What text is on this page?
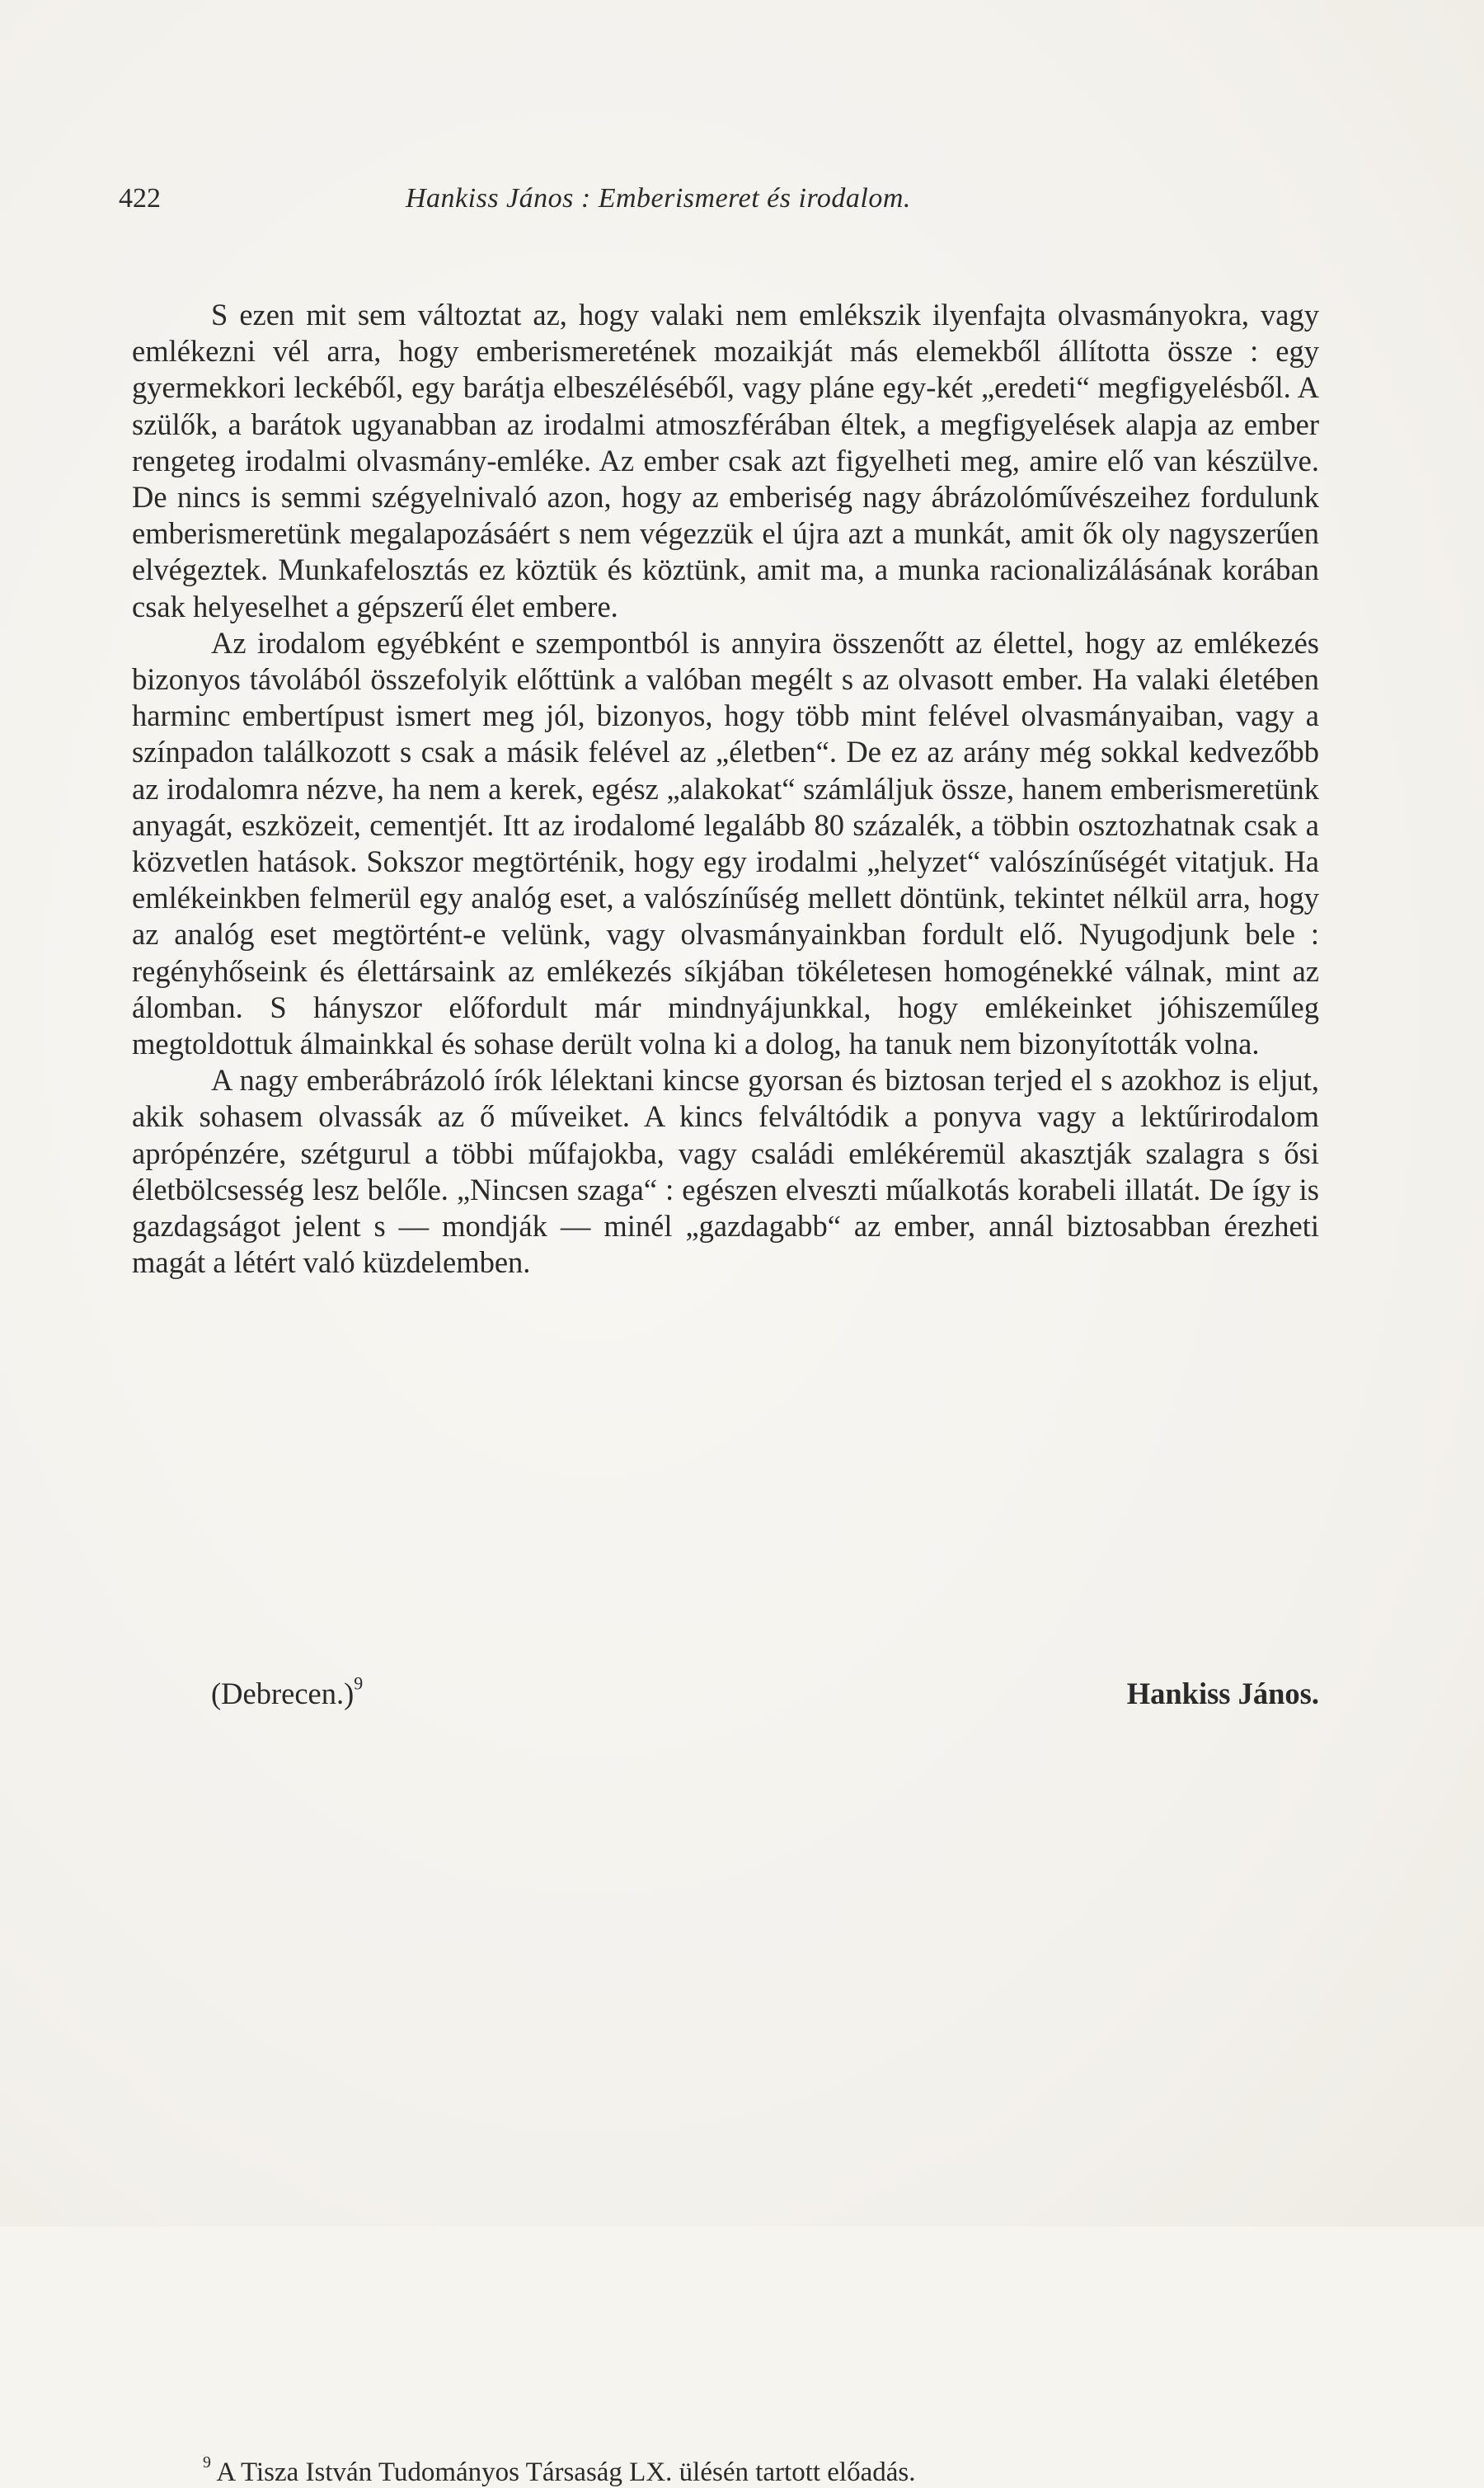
422	Hankiss János : Emberismeret és irodalom.

S ezen mit sem változtat az, hogy valaki nem emlékszik ilyenfajta olvasmányokra, vagy emlékezni vél arra, hogy emberismeretének mozaikját más elemekből állította össze : egy gyermekkori leckéből, egy barátja elbeszéléséből, vagy pláne egy-két „eredeti“ megfigyelésből. A szülők, a barátok ugyanabban az irodalmi atmoszférában éltek, a megfigyelések alapja az ember rengeteg irodalmi olvasmány-emléke. Az ember csak azt figyelheti meg, amire elő van készülve. De nincs is semmi szégyelnivaló azon, hogy az emberiség nagy ábrázolóművészeihez fordulunk emberismeretünk megalapozásáért s nem végezzük el újra azt a munkát, amit ők oly nagyszerűen elvégeztek. Munkafelosztás ez köztük és köztünk, amit ma, a munka racionalizálásának korában csak helyeselhet a gépszerű élet embere.

Az irodalom egyébként e szempontból is annyira összenőtt az élettel, hogy az emlékezés bizonyos távolából összefolyik előttünk a valóban megélt s az olvasott ember. Ha valaki életében harminc embertípust ismert meg jól, bizonyos, hogy több mint felével olvasmányaiban, vagy a színpadon találkozott s csak a másik felével az „életben“. De ez az arány még sokkal kedvezőbb az irodalomra nézve, ha nem a kerek, egész „alakokat“ számláljuk össze, hanem emberismeretünk anyagát, eszközeit, cementjét. Itt az irodalomé legalább 80 százalék, a többin osztozhatnak csak a közvetlen hatások. Sokszor megtörténik, hogy egy irodalmi „helyzet“ valószínűségét vitatjuk. Ha emlékeinkben felmerül egy analóg eset, a valószínűség mellett döntünk, tekintet nélkül arra, hogy az analóg eset megtörtént-e velünk, vagy olvasmányainkban fordult elő. Nyugodjunk bele : regényhőseink és élettársaink az emlékezés síkjában tökéletesen homogénekké válnak, mint az álomban. S hányszor előfordult már mindnyájunkkal, hogy emlékeinket jóhiszeműleg megtoldottuk álmainkkal és sohase derült volna ki a dolog, ha tanuk nem bizonyították volna.

A nagy emberábrázoló írók lélektani kincse gyorsan és biztosan terjed el s azokhoz is eljut, akik sohasem olvassák az ő műveiket. A kincs felváltódik a ponyva vagy a lektűrirodalom aprópénzére, szétgurul a többi műfajokba, vagy családi emlékéremül akasztják szalagra s ősi életbölcsesség lesz belőle. „Nincsen szaga“ : egészen elveszti műalkotás korabeli illatát. De így is gazdagságot jelent s — mondják — minél „gazdagabb“ az ember, annál biztosabban érezheti magát a létért való küzdelemben.

(Debrecen.)$^9$	Hankiss János.
$^9$ A Tisza István Tudományos Társaság LX. ülésén tartott előadás.
